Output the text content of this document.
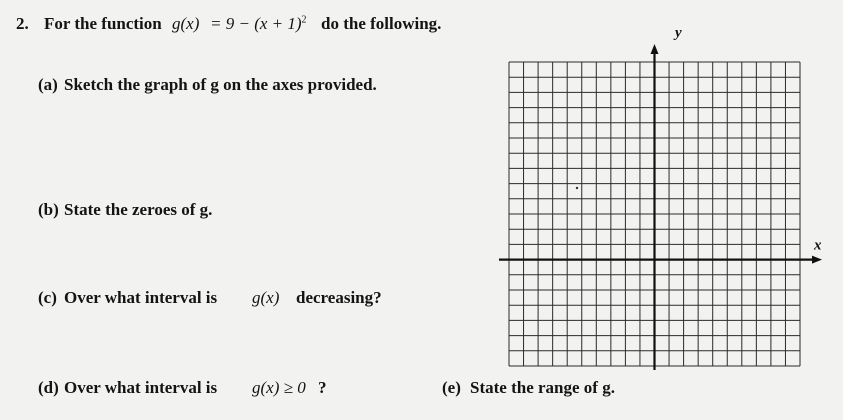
2. For the function $g(x) = 9 - (x + 1)^2$ do the following.
(a) Sketch the graph of g on the axes provided.
(b) State the zeroes of g.
(c) Over what interval is g(x) decreasing?
(d) Over what interval is g(x) ≥ 0 ?	(e) State the range of g.
y
x
